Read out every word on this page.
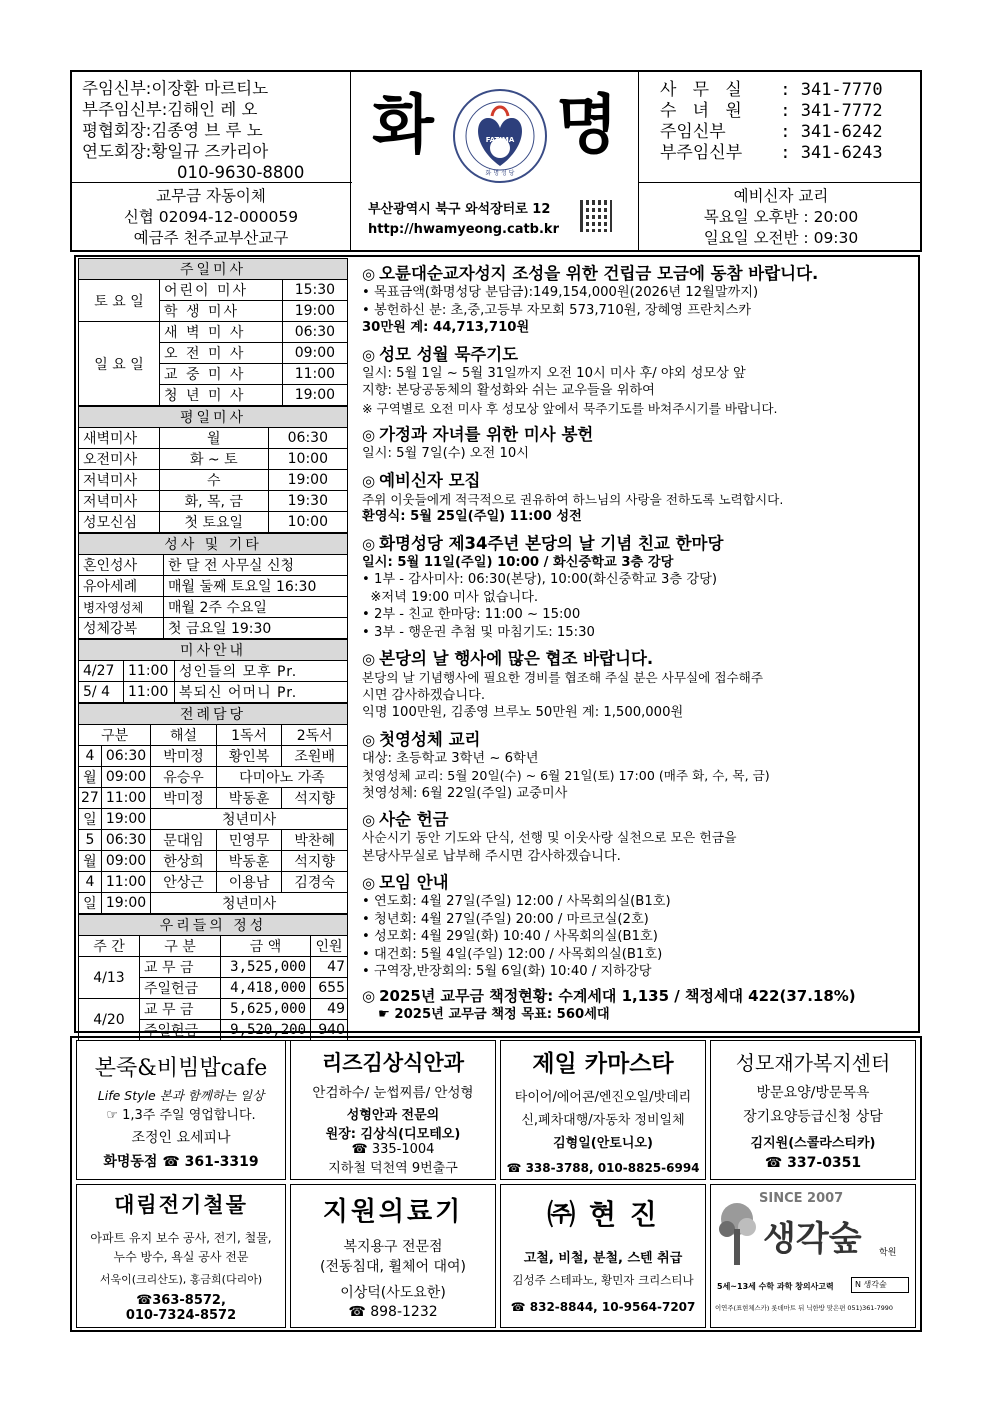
주임신부:이장환 마르티노
부주임신부:김해인 레 오
평협회장:김종영 브 루 노
연도회장:황일규 즈카리아
010-9630-8800
화 명
FATIMA
화 명 성 당
CATHOLIC CHURCH OF OUR LADY OF FATIMA	사 무 실 : 341-7770
수 녀 원 : 341-7772
주임신부	: 341-6242
부주임신부 : 341-6243
교무금 자동이체
신협 02094-12-000059
예금주 천주교부산교구
부산광역시 북구 와석장터로 12
http://hwamyeong.catb.kr
예비신자 교리
목요일 오후반 : 20:00
일요일 오전반 : 09:30
주일미사		
토 요 일	어린이 미사	15:30
	학 생 미사	19:00
일 요 일	새 벽 미 사	06:30
	오 전 미 사	09:00
	교 중 미 사	11:00
	청 년 미 사	19:00
평일미사		
새벽미사	월	06:30
오전미사	화 ~ 토	10:00
저녁미사	수	19:00
저녁미사	화, 목, 금	19:30
성모신심	첫 토요일	10:00
성사 및 기타	
혼인성사	한 달 전 사무실 신청
유아세례	매월 둘째 토요일 16:30
병자영성체	매월 2주 수요일
성체강복	첫 금요일 19:30
미사안내		
4/27	11:00	성인들의 모후 Pr.
5/ 4	11:00	복되신 어머니 Pr.
전례담당				
구분		해설	1독서	2독서
4	06:30	박미정	황인복	조원배
월	09:00	유승우	다미아노 가족	
27	11:00	박미정	박동훈	석지향
일	19:00	청년미사		
5	06:30	문대임	민영무	박찬혜
월	09:00	한상희	박동훈	석지향
4	11:00	안상근	이용남	김경숙
일	19:00	청년미사		
우리들의 정성			
주 간	구 분	금 액	인원
4/13	교 무 금	3,525,000	47
	주일헌금	4,418,000	655
4/20	교 무 금	5,625,000	49
	주일헌금	9,520,200	940
◎ 오륜대순교자성지 조성을 위한 건립금 모금에 동참 바랍니다.
• 목표금액(화명성당 분담금):149,154,000원(2026년 12월말까지)
• 봉헌하신 분: 초,중,고등부 자모회 573,710원, 장혜영 프란치스카
30만원 계: 44,713,710원
◎ 성모 성월 묵주기도
일시: 5월 1일 ~ 5월 31일까지 오전 10시 미사 후/ 야외 성모상 앞
지향: 본당공동체의 활성화와 쉬는 교우들을 위하여
※ 구역별로 오전 미사 후 성모상 앞에서 묵주기도를 바쳐주시기를 바랍니다.
◎ 가정과 자녀를 위한 미사 봉헌
일시: 5월 7일(수) 오전 10시
◎ 예비신자 모집
주위 이웃들에게 적극적으로 권유하여 하느님의 사랑을 전하도록 노력합시다.
환영식: 5월 25일(주일) 11:00 성전
◎ 화명성당 제34주년 본당의 날 기념 친교 한마당
일시: 5월 11일(주일) 10:00 / 화신중학교 3층 강당
• 1부 - 감사미사: 06:30(본당), 10:00(화신중학교 3층 강당)
※저녁 19:00 미사 없습니다.
• 2부 - 친교 한마당: 11:00 ~ 15:00
• 3부 - 행운권 추첨 및 마침기도: 15:30
◎ 본당의 날 행사에 많은 협조 바랍니다.
본당의 날 기념행사에 필요한 경비를 협조해 주실 분은 사무실에 접수해주
시면 감사하겠습니다.
익명 100만원, 김종영 브루노 50만원 계: 1,500,000원
◎ 첫영성체 교리
대상: 초등학교 3학년 ~ 6학년
첫영성체 교리: 5월 20일(수) ~ 6월 21일(토) 17:00 (매주 화, 수, 목, 금)
첫영성체: 6월 22일(주일) 교중미사
◎ 사순 헌금
사순시기 동안 기도와 단식, 선행 및 이웃사랑 실천으로 모은 헌금을
본당사무실로 납부해 주시면 감사하겠습니다.
◎ 모임 안내
• 연도회: 4월 27일(주일) 12:00 / 사목회의실(B1호)
• 청년회: 4월 27일(주일) 20:00 / 마르코실(2호)
• 성모회: 4월 29일(화) 10:40 / 사목회의실(B1호)
• 대건회: 5월 4일(주일) 12:00 / 사목회의실(B1호)
• 구역장,반장회의: 5월 6일(화) 10:40 / 지하강당
◎ 2025년 교무금 책정현황: 수계세대 1,135 / 책정세대 422(37.18%)
☛ 2025년 교무금 책정 목표: 560세대
본죽&비빔밥cafe
Life Style 본과 함께하는 일상
☞ 1,3주 주일 영업합니다.
조정인 요세피나
화명동점 ☎ 361-3319
리즈김상식안과
안검하수/ 눈썹찌름/ 안성형
성형안과 전문의
원장: 김상식(디모테오)
☎ 335-1004
지하철 덕천역 9번출구
제일 카마스타
타이어/에어콘/엔진오일/밧데리
신,폐차대행/자동차 정비일체
김형일(안토니오)
☎ 338-3788, 010-8825-6994
성모재가복지센터
방문요양/방문목욕
장기요양등급신청 상담
김지원(스콜라스티카)
☎ 337-0351
대림전기철물
아파트 유지 보수 공사, 전기, 철물,
누수 방수, 욕실 공사 전문
서욱이(크리산도), 홍금희(다리아)
☎363-8572,
010-7324-8572
지원의료기
복지용구 전문점
(전동침대, 휠체어 대여)
이상덕(사도요한)
☎ 898-1232
㈜ 현 진
고철, 비철, 분철, 스텐 취급
김성주 스테파노, 황민자 크리스티나
☎ 832-8844, 10-9564-7207
SINCE 2007
생각숲 학원
5세~13세 수학 과학 창의사고력	N 생각숲
이연주(표현체스카) 롯데마트 뒤 닉한방 맞은편 051)361-7990
